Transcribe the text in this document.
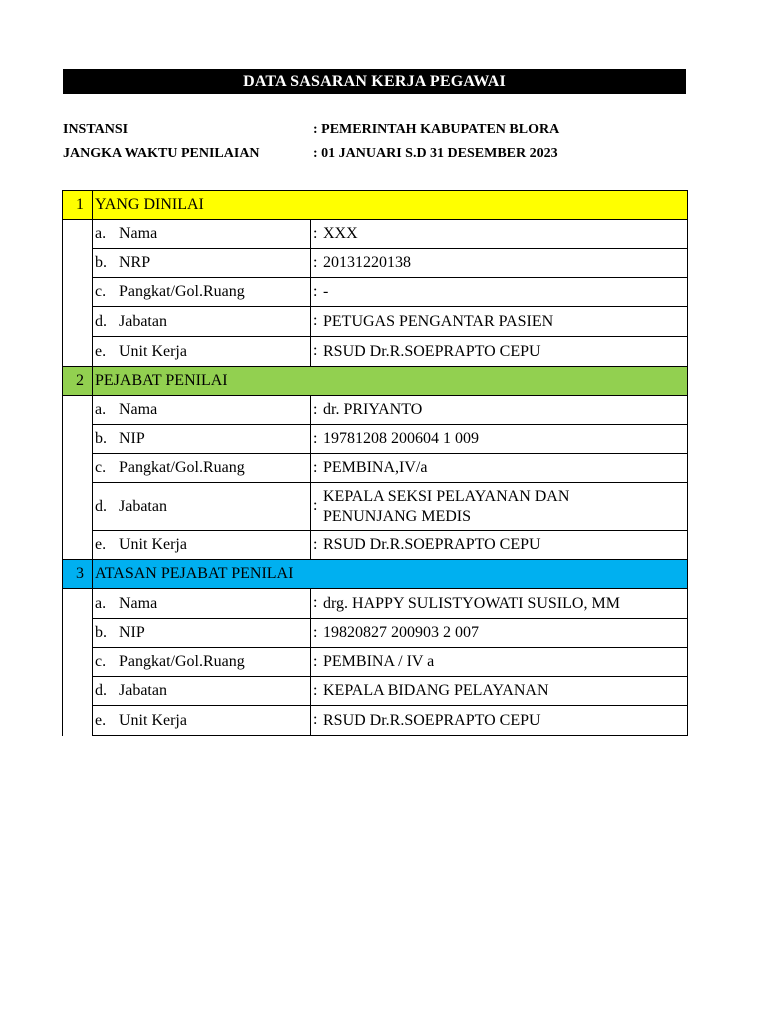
DATA SASARAN KERJA PEGAWAI
INSTANSI	: PEMERINTAH KABUPATEN BLORA
JANGKA WAKTU PENILAIAN	: 01 JANUARI S.D 31 DESEMBER 2023
1	YANG DINILAI	
	a. Nama	: XXX
	b. NRP	: 20131220138
	c. Pangkat/Gol.Ruang	: -
	d. Jabatan	: PETUGAS PENGANTAR PASIEN
	e. Unit Kerja	: RSUD Dr.R.SOEPRAPTO CEPU
2	PEJABAT PENILAI	
	a. Nama	: dr. PRIYANTO
	b. NIP	: 19781208 200604 1 009
	c. Pangkat/Gol.Ruang	: PEMBINA,IV/a
	d. Jabatan	:KEPALA SEKSI PELAYANAN DAN PENUNJANG MEDIS
	e. Unit Kerja	: RSUD Dr.R.SOEPRAPTO CEPU
3	ATASAN PEJABAT PENILAI	
	a. Nama	: drg. HAPPY SULISTYOWATI SUSILO, MM
	b. NIP	: 19820827 200903 2 007
	c. Pangkat/Gol.Ruang	: PEMBINA / IV a
	d. Jabatan	: KEPALA BIDANG PELAYANAN
	e. Unit Kerja	: RSUD Dr.R.SOEPRAPTO CEPU
